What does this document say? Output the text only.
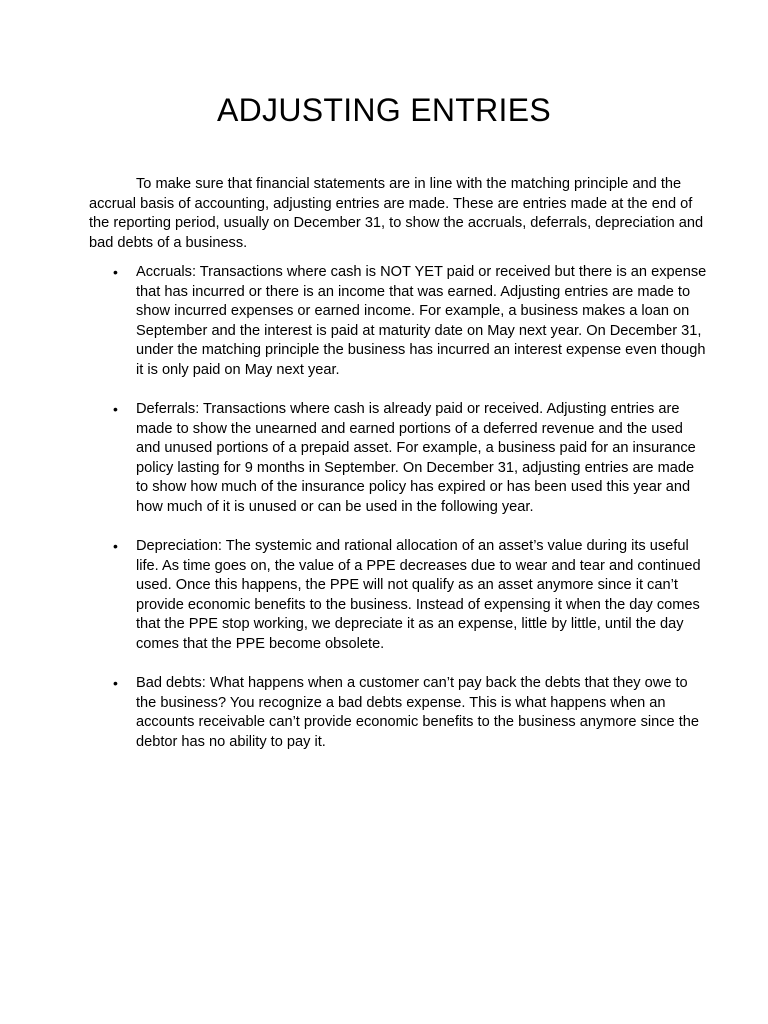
ADJUSTING ENTRIES

To make sure that financial statements are in line with the matching principle and the accrual basis of accounting, adjusting entries are made. These are entries made at the end of the reporting period, usually on December 31, to show the accruals, deferrals, depreciation and bad debts of a business.

• Accruals: Transactions where cash is NOT YET paid or received but there is an expense that has incurred or there is an income that was earned. Adjusting entries are made to show incurred expenses or earned income. For example, a business makes a loan on September and the interest is paid at maturity date on May next year. On December 31, under the matching principle the business has incurred an interest expense even though it is only paid on May next year.
• Deferrals: Transactions where cash is already paid or received. Adjusting entries are made to show the unearned and earned portions of a deferred revenue and the used and unused portions of a prepaid asset. For example, a business paid for an insurance policy lasting for 9 months in September. On December 31, adjusting entries are made to show how much of the insurance policy has expired or has been used this year and how much of it is unused or can be used in the following year.
• Depreciation: The systemic and rational allocation of an asset’s value during its useful life. As time goes on, the value of a PPE decreases due to wear and tear and continued used. Once this happens, the PPE will not qualify as an asset anymore since it can’t provide economic benefits to the business. Instead of expensing it when the day comes that the PPE stop working, we depreciate it as an expense, little by little, until the day comes that the PPE become obsolete.
• Bad debts: What happens when a customer can’t pay back the debts that they owe to the business? You recognize a bad debts expense. This is what happens when an accounts receivable can’t provide economic benefits to the business anymore since the debtor has no ability to pay it.
